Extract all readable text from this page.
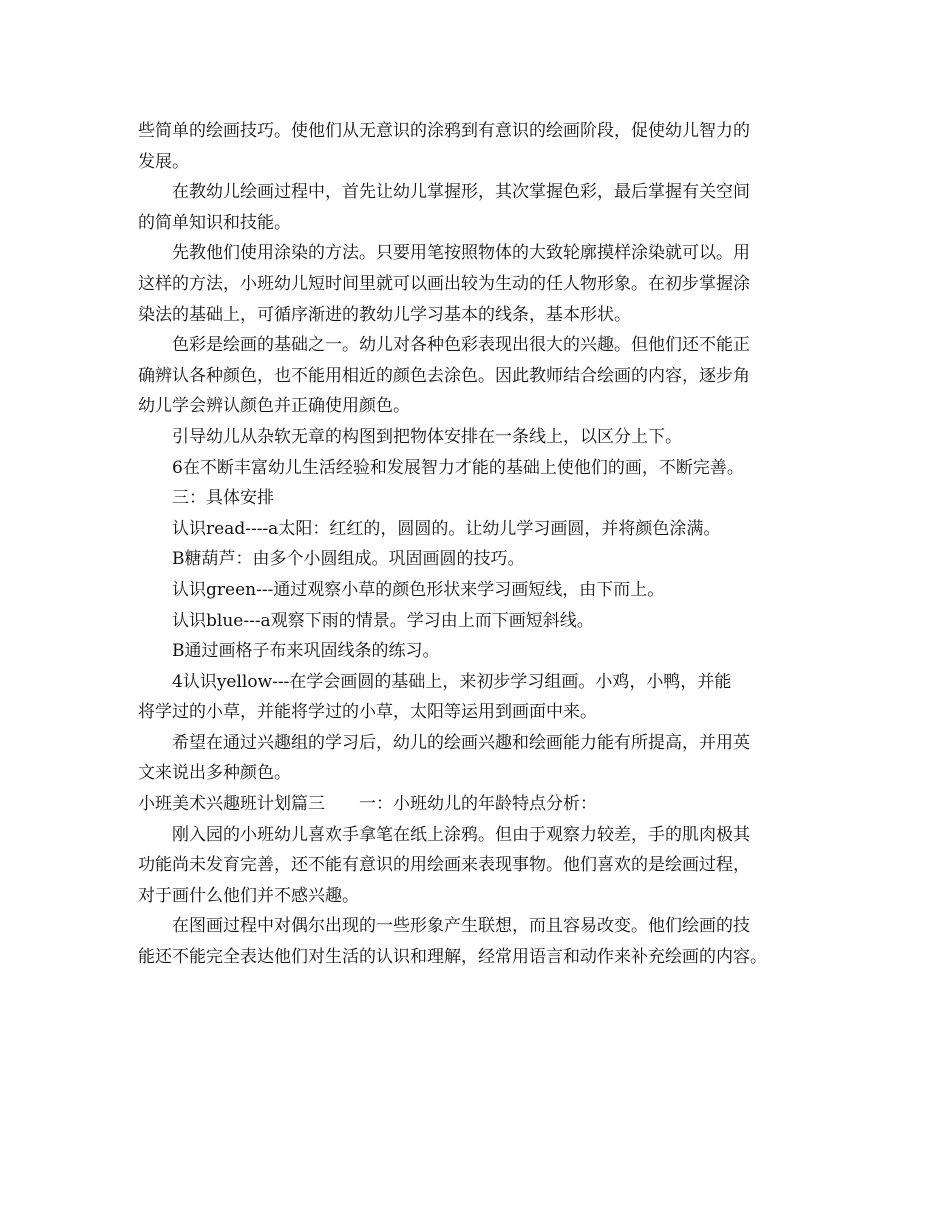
些简单的绘画技巧。使他们从无意识的涂鸦到有意识的绘画阶段，促使幼儿智力的

发展。

在教幼儿绘画过程中，首先让幼儿掌握形，其次掌握色彩，最后掌握有关空间

的简单知识和技能。

先教他们使用涂染的方法。只要用笔按照物体的大致轮廓摸样涂染就可以。用

这样的方法，小班幼儿短时间里就可以画出较为生动的任人物形象。在初步掌握涂

染法的基础上，可循序渐进的教幼儿学习基本的线条，基本形状。

色彩是绘画的基础之一。幼儿对各种色彩表现出很大的兴趣。但他们还不能正

确辨认各种颜色，也不能用相近的颜色去涂色。因此教师结合绘画的内容，逐步角

幼儿学会辨认颜色并正确使用颜色。

引导幼儿从杂软无章的构图到把物体安排在一条线上，以区分上下。

6在不断丰富幼儿生活经验和发展智力才能的基础上使他们的画，不断完善。

三：具体安排

认识read----a太阳：红红的，圆圆的。让幼儿学习画圆，并将颜色涂满。

B糖葫芦：由多个小圆组成。巩固画圆的技巧。

认识green---通过观察小草的颜色形状来学习画短线，由下而上。

认识blue---a观察下雨的情景。学习由上而下画短斜线。

B通过画格子布来巩固线条的练习。

4认识yellow---在学会画圆的基础上，来初步学习组画。小鸡，小鸭，并能

将学过的小草，并能将学过的小草，太阳等运用到画面中来。

希望在通过兴趣组的学习后，幼儿的绘画兴趣和绘画能力能有所提高，并用英

文来说出多种颜色。

小班美术兴趣班计划篇三　　一：小班幼儿的年龄特点分析：

刚入园的小班幼儿喜欢手拿笔在纸上涂鸦。但由于观察力较差，手的肌肉极其

功能尚未发育完善，还不能有意识的用绘画来表现事物。他们喜欢的是绘画过程，

对于画什么他们并不感兴趣。

在图画过程中对偶尔出现的一些形象产生联想，而且容易改变。他们绘画的技

能还不能完全表达他们对生活的认识和理解，经常用语言和动作来补充绘画的内容。
